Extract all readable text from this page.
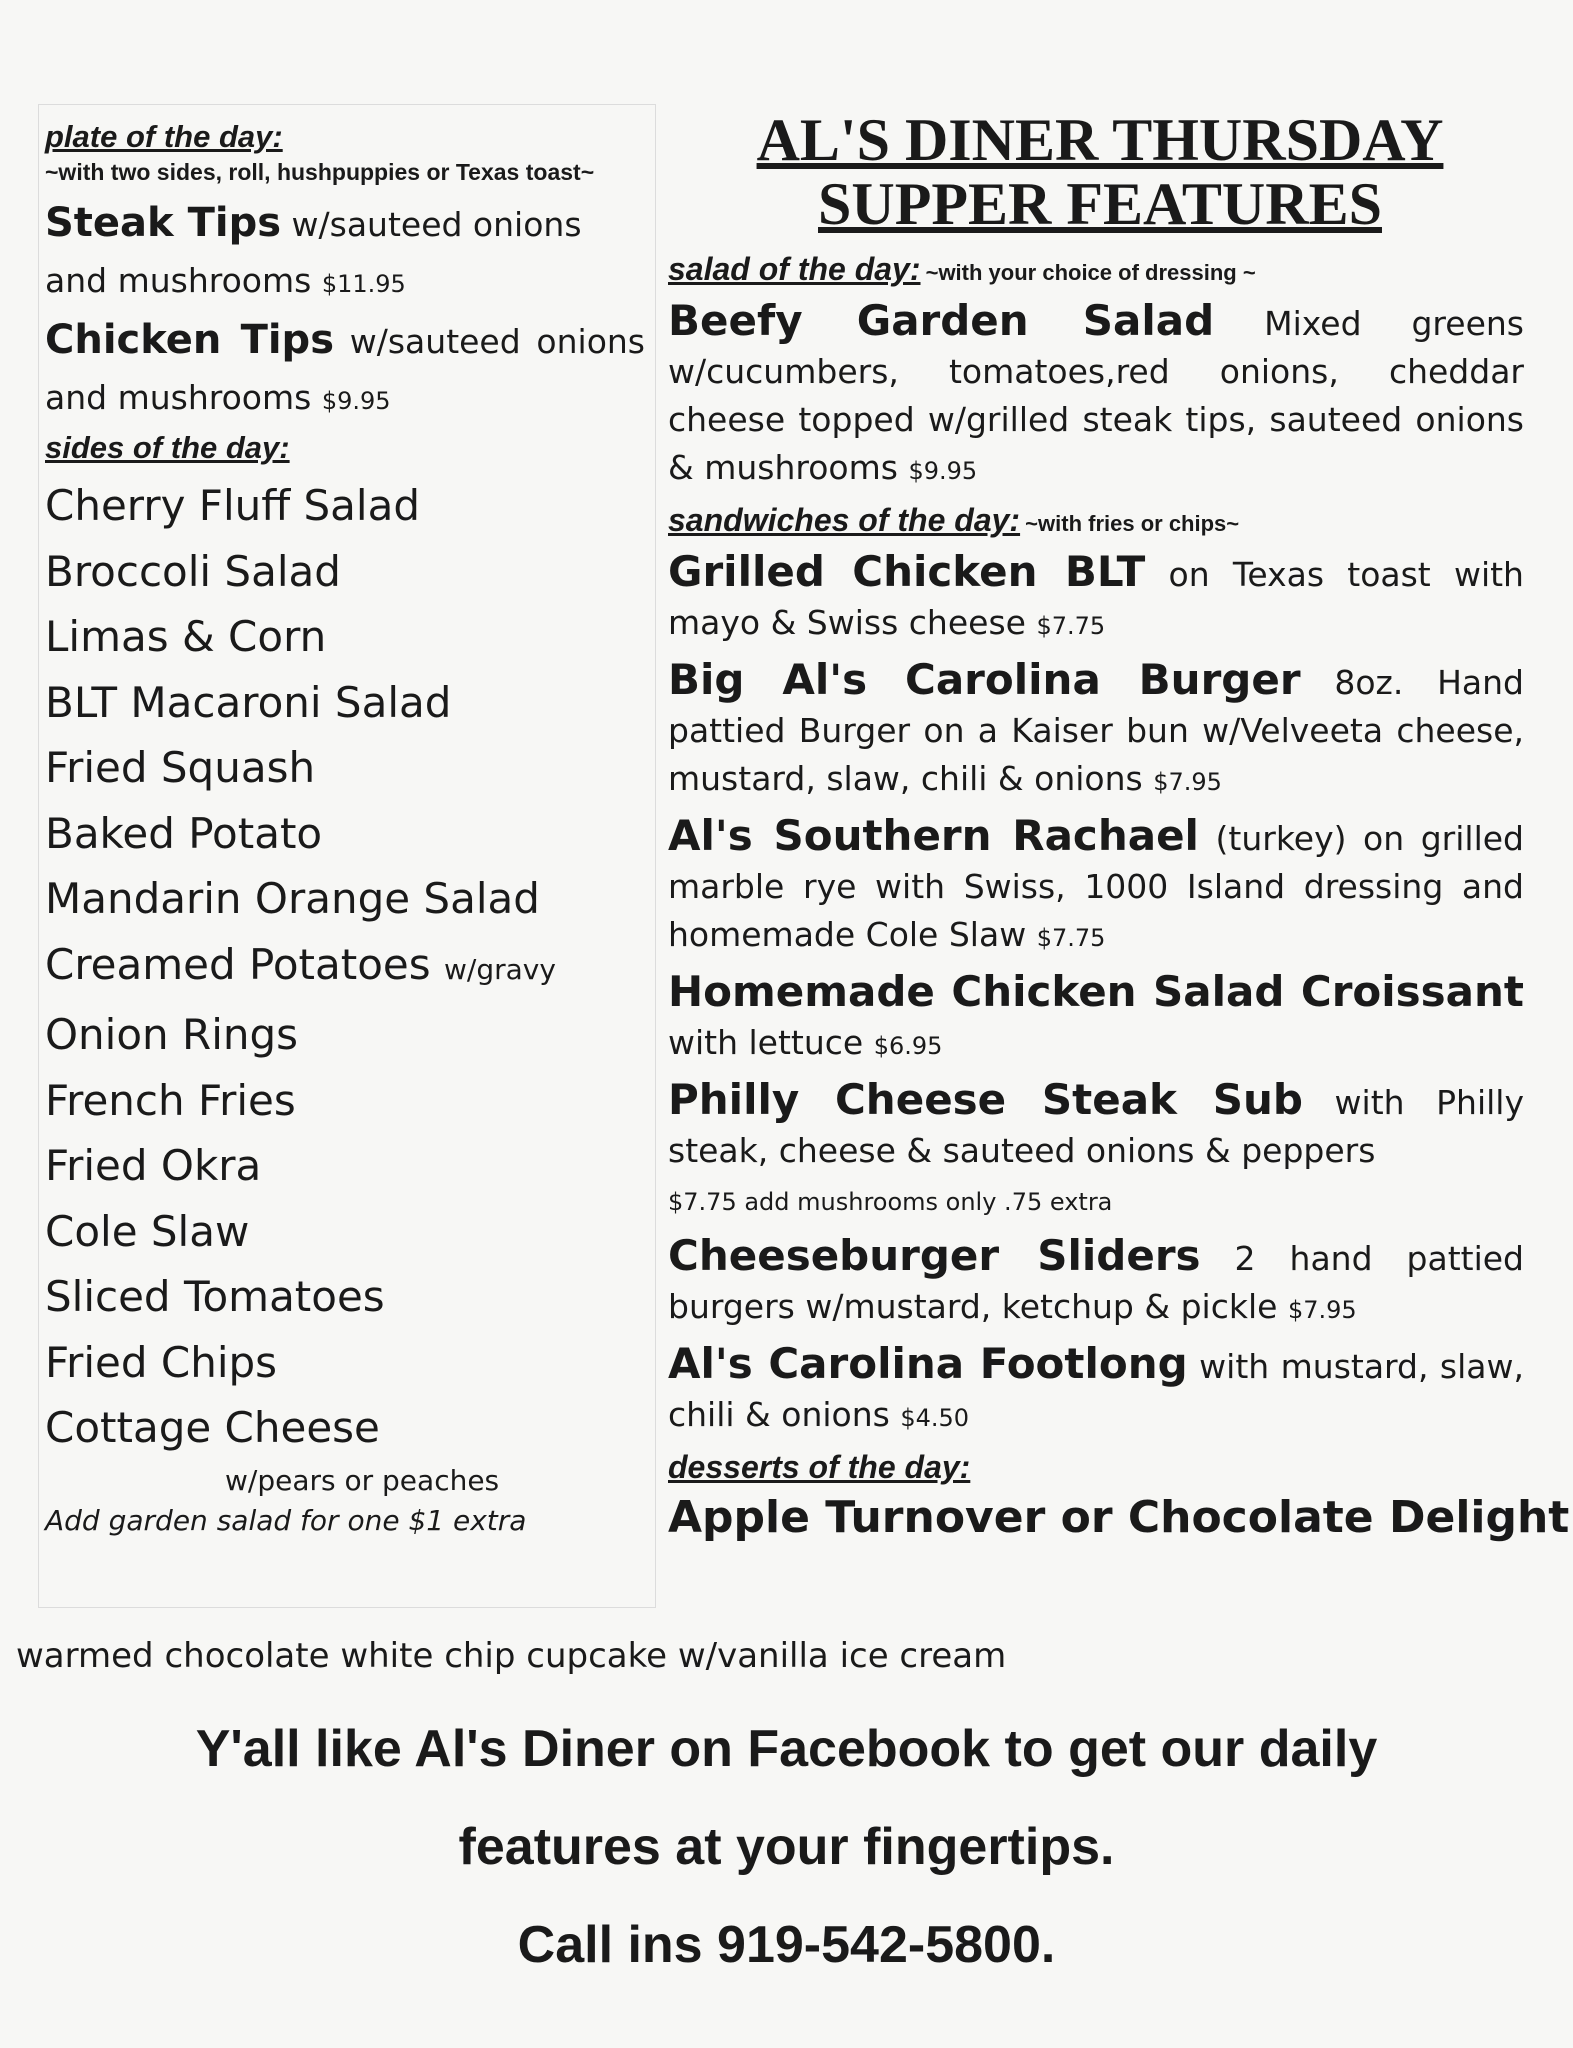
plate of the day:
~with two sides, roll, hushpuppies or Texas toast~

Steak Tips w/sauteed onions and mushrooms $11.95

Chicken Tips w/sauteed onions and mushrooms $9.95

sides of the day:
Cherry Fluff Salad
Broccoli Salad
Limas & Corn
BLT Macaroni Salad
Fried Squash
Baked Potato
Mandarin Orange Salad
Creamed Potatoes w/gravy
Onion Rings
French Fries
Fried Okra
Cole Slaw
Sliced Tomatoes
Fried Chips
Cottage Cheese
w/pears or peaches
Add garden salad for one $1 extra
AL'S DINER THURSDAY
SUPPER FEATURES
salad of the day: ~with your choice of dressing ~

Beefy Garden Salad Mixed greens w/cucumbers, tomatoes,red onions, cheddar cheese topped w/grilled steak tips, sauteed onions & mushrooms $9.95

sandwiches of the day: ~with fries or chips~

Grilled Chicken BLT on Texas toast with mayo & Swiss cheese $7.75

Big Al's Carolina Burger 8oz. Hand pattied Burger on a Kaiser bun w/Velveeta cheese, mustard, slaw, chili & onions $7.95

Al's Southern Rachael (turkey) on grilled marble rye with Swiss, 1000 Island dressing and homemade Cole Slaw $7.75

Homemade Chicken Salad Croissant with lettuce $6.95

Philly Cheese Steak Sub with Philly steak, cheese & sauteed onions & peppers
$7.75 add mushrooms only .75 extra

Cheeseburger Sliders 2 hand pattied burgers w/mustard, ketchup & pickle $7.95

Al's Carolina Footlong with mustard, slaw, chili & onions $4.50

desserts of the day:
Apple Turnover or Chocolate Delight
warmed chocolate white chip cupcake w/vanilla ice cream
Y'all like Al's Diner on Facebook to get our daily
features at your fingertips.
Call ins 919-542-5800.
